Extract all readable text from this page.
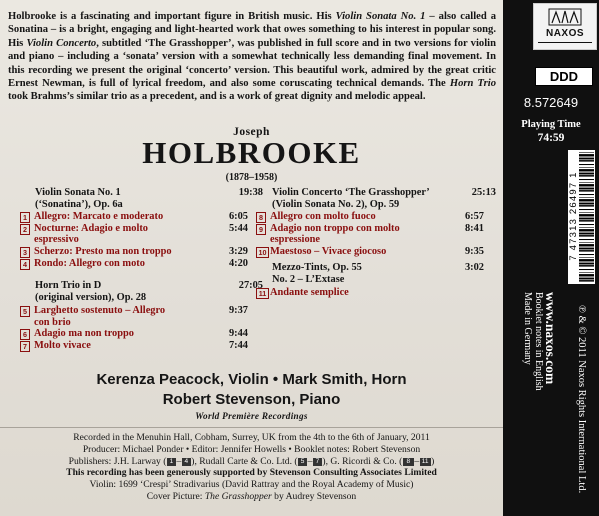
Holbrooke is a fascinating and important figure in British music. His Violin Sonata No. 1 – also called a Sonatina – is a bright, engaging and light-hearted work that owes something to his interest in popular song. His Violin Concerto, subtitled ‘The Grasshopper’, was published in full score and in two versions for violin and piano – including a ‘sonata’ version with a somewhat technically less demanding final movement. In this recording we present the original ‘concerto’ version. This beautiful work, admired by the great critic Ernest Newman, is full of lyrical freedom, and also some coruscating technical demands. The Horn Trio took Brahms’s similar trio as a precedent, and is a work of great dignity and melodic appeal.
Joseph
HOLBROOKE
(1878–1958)
Violin Sonata No. 1	19:38
(‘Sonatina’), Op. 6a
1 Allegro: Marcato e moderato	6:05
2 Nocturne: Adagio e molto	5:44
espressivo
3 Scherzo: Presto ma non troppo	3:29
4 Rondo: Allegro con moto	4:20
Horn Trio in D	27:05
(original version), Op. 28
5 Larghetto sostenuto – Allegro	9:37
con brio
6 Adagio ma non troppo	9:44
7 Molto vivace	7:44
Violin Concerto ‘The Grasshopper’	25:13
(Violin Sonata No. 2), Op. 59
8 Allegro con molto fuoco	6:57
9 Adagio non troppo con molto	8:41
espressione
10 Maestoso – Vivace giocoso	9:35
Mezzo-Tints, Op. 55	3:02
No. 2 – L’Extase
11 Andante semplice
Kerenza Peacock, Violin • Mark Smith, Horn
Robert Stevenson, Piano
World Première Recordings
Recorded in the Menuhin Hall, Cobham, Surrey, UK from the 4th to the 6th of January, 2011
Producer: Michael Ponder • Editor: Jennifer Howells • Booklet notes: Robert Stevenson
Publishers: J.H. Larway ( 1 – 4 ), Rudall Carte & Co. Ltd. ( 5 – 7 ), G. Ricordi & Co. ( 8 – 11 )
This recording has been generously supported by Stevenson Consulting Associates Limited
Violin: 1699 ‘Crespi’ Stradivarius (David Rattray and the Royal Academy of Music)
Cover Picture: The Grasshopper by Audrey Stevenson
NAXOS
DDD
8.572649
Playing Time
74:59
7 47313 26497 1
www.naxos.com
Booklet notes in English
Made in Germany	℗ & © 2011 Naxos Rights International Ltd.
